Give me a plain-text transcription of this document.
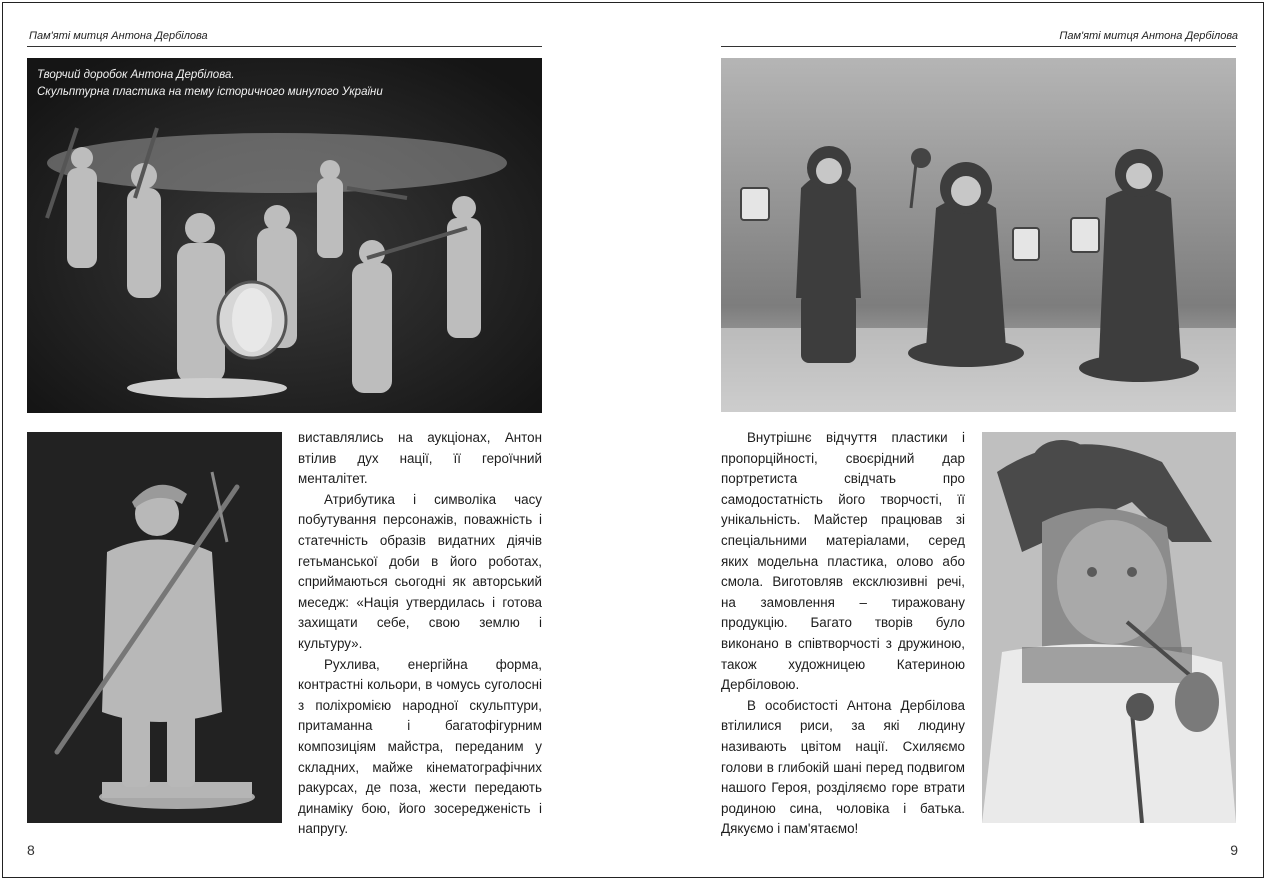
Пам'яті митця Антона Дербілова
Творчий доробок Антона Дербілова.
Скульптурна пластика на тему історичного минулого України

виставлялись на аукціонах, Антон втілив дух нації, її героїчний менталітет.

Атрибутика і символіка часу побутування персонажів, поважність і статечність образів видатних діячів гетьманської доби в його роботах, сприймаються сьогодні як авторський меседж: «Нація утвердилась і готова захищати себе, свою землю і культуру».

Рухлива, енергійна форма, контрастні кольори, в чомусь суголосні з поліхромією народної скульптури, притаманна і багатофігурним композиціям майстра, переданим у складних, майже кінематографічних ракурсах, де поза, жести передають динаміку бою, його зосередженість і напругу.

8
Пам'яті митця Антона Дербілова

Внутрішнє відчуття пластики і пропорційності, своєрідний дар портретиста свідчать про самодостатність його творчості, її унікальність. Майстер працював зі спеціальними матеріалами, серед яких модельна пластика, олово або смола. Виготовляв ексклюзивні речі, на замовлення – тиражовану продукцію. Багато творів було виконано в співтворчості з дружиною, також художницею Катериною Дербіловою.

В особистості Антона Дербілова втілилися риси, за які людину називають цвітом нації. Схиляємо голови в глибокій шані перед подвигом нашого Героя, розділяємо горе втрати родиною сина, чоловіка і батька. Дякуємо і пам'ятаємо!

9
